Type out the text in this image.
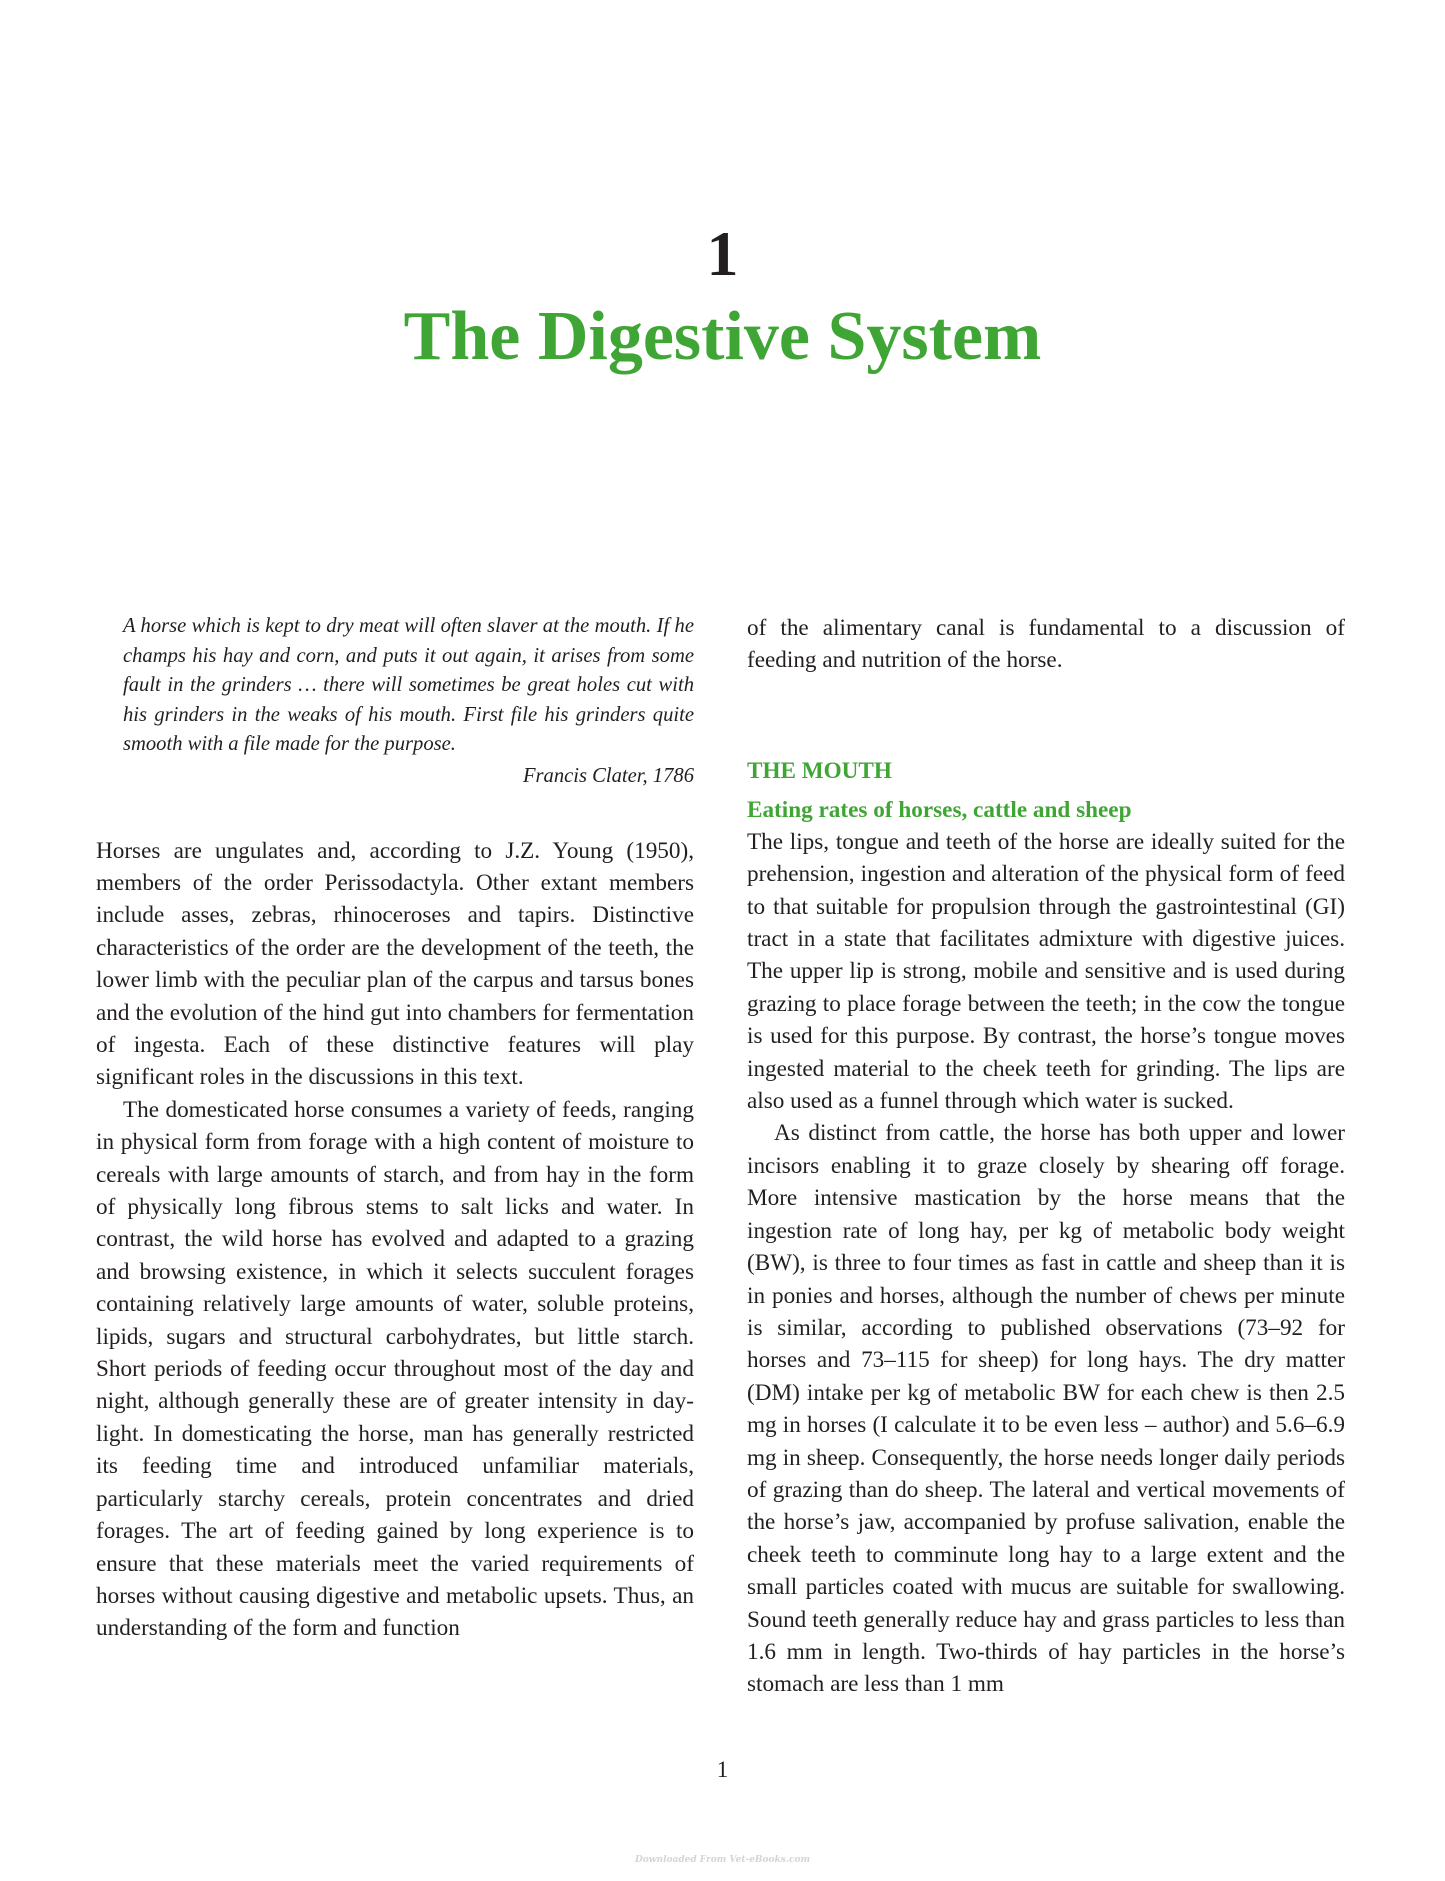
1
The Digestive System
A horse which is kept to dry meat will often slaver at the mouth. If he champs his hay and corn, and puts it out again, it arises from some fault in the grinders … there will sometimes be great holes cut with his grinders in the weaks of his mouth. First file his grinders quite smooth with a file made for the purpose.
Francis Clater, 1786

Horses are ungulates and, according to J.Z. Young (1950), members of the order Perissodactyla. Other extant members include asses, zebras, rhinoceroses and tapirs. Distinctive characteristics of the order are the development of the teeth, the lower limb with the peculiar plan of the carpus and tarsus bones and the evolution of the hind gut into chambers for fermentation of ingesta. Each of these distinctive features will play significant roles in the discussions in this text.

The domesticated horse consumes a variety of feeds, ranging in physical form from forage with a high content of moisture to cereals with large amounts of starch, and from hay in the form of physically long fibrous stems to salt licks and water. In contrast, the wild horse has evolved and adapted to a grazing and browsing existence, in which it selects succulent forages containing relatively large amounts of water, soluble proteins, lipids, sugars and structural carbohydrates, but little starch. Short periods of feeding occur throughout most of the day and night, although generally these are of greater intensity in daylight. In domesticating the horse, man has generally restricted its feeding time and introduced unfamiliar materials, particularly starchy cereals, protein concentrates and dried forages. The art of feeding gained by long experience is to ensure that these materials meet the varied requirements of horses without causing digestive and metabolic upsets. Thus, an understanding of the form and function

of the alimentary canal is fundamental to a discussion of feeding and nutrition of the horse.

THE MOUTH
Eating rates of horses, cattle and sheep

The lips, tongue and teeth of the horse are ideally suited for the prehension, ingestion and alteration of the physical form of feed to that suitable for propulsion through the gastrointestinal (GI) tract in a state that facilitates admixture with digestive juices. The upper lip is strong, mobile and sensitive and is used during grazing to place forage between the teeth; in the cow the tongue is used for this purpose. By contrast, the horse’s tongue moves ingested material to the cheek teeth for grinding. The lips are also used as a funnel through which water is sucked.

As distinct from cattle, the horse has both upper and lower incisors enabling it to graze closely by shearing off forage. More intensive mastication by the horse means that the ingestion rate of long hay, per kg of metabolic body weight (BW), is three to four times as fast in cattle and sheep than it is in ponies and horses, although the number of chews per minute is similar, according to published observations (73–92 for horses and 73–115 for sheep) for long hays. The dry matter (DM) intake per kg of metabolic BW for each chew is then 2.5 mg in horses (I calculate it to be even less – author) and 5.6–6.9 mg in sheep. Consequently, the horse needs longer daily periods of grazing than do sheep. The lateral and vertical movements of the horse’s jaw, accompanied by profuse salivation, enable the cheek teeth to comminute long hay to a large extent and the small particles coated with mucus are suitable for swallowing. Sound teeth generally reduce hay and grass particles to less than 1.6 mm in length. Two-thirds of hay particles in the horse’s stomach are less than 1 mm

1
Downloaded From Vet-eBooks.com
